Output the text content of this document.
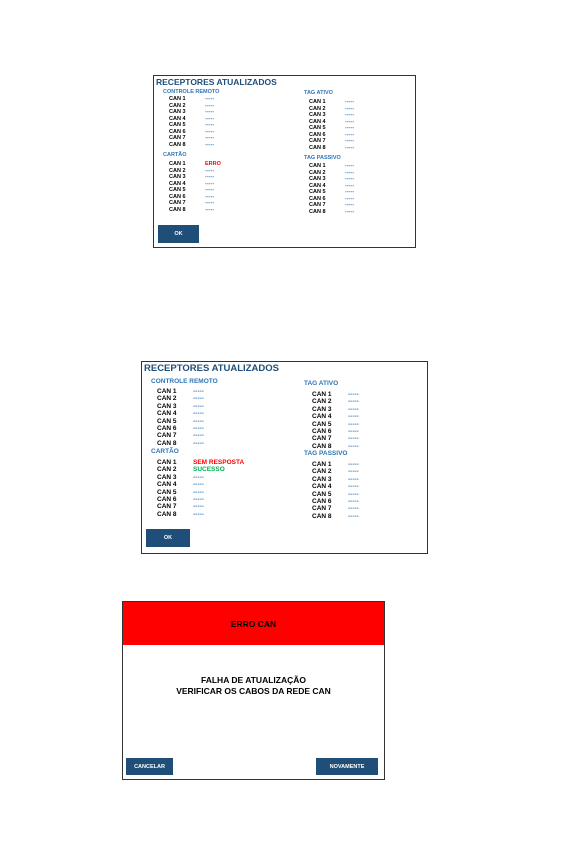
RECEPTORES ATUALIZADOS
CONTROLE REMOTO
CAN 1	-----
CAN 2	-----
CAN 3	-----
CAN 4	-----
CAN 5	-----
CAN 6	-----
CAN 7	-----
CAN 8	-----
CARTÃO
CAN 1	ERRO
CAN 2	-----
CAN 3	-----
CAN 4	-----
CAN 5	-----
CAN 6	-----
CAN 7	-----
CAN 8	-----
TAG ATIVO
CAN 1	-----
CAN 2	-----
CAN 3	-----
CAN 4	-----
CAN 5	-----
CAN 6	-----
CAN 7	-----
CAN 8	-----
TAG PASSIVO
CAN 1	-----
CAN 2	-----
CAN 3	-----
CAN 4	-----
CAN 5	-----
CAN 6	-----
CAN 7	-----
CAN 8	-----
OK
RECEPTORES ATUALIZADOS
CONTROLE REMOTO
CAN 1	-----
CAN 2	-----
CAN 3	-----
CAN 4	-----
CAN 5	-----
CAN 6	-----
CAN 7	-----
CAN 8	-----
CARTÃO
CAN 1	SEM RESPOSTA
CAN 2	SUCESSO
CAN 3	-----
CAN 4	-----
CAN 5	-----
CAN 6	-----
CAN 7	-----
CAN 8	-----
TAG ATIVO
CAN 1	-----
CAN 2	-----
CAN 3	-----
CAN 4	-----
CAN 5	-----
CAN 6	-----
CAN 7	-----
CAN 8	-----
TAG PASSIVO
CAN 1	-----
CAN 2	-----
CAN 3	-----
CAN 4	-----
CAN 5	-----
CAN 6	-----
CAN 7	-----
CAN 8	-----
OK
ERRO CAN
FALHA DE ATUALIZAÇÃO
VERIFICAR OS CABOS DA REDE CAN
CANCELAR	NOVAMENTE
